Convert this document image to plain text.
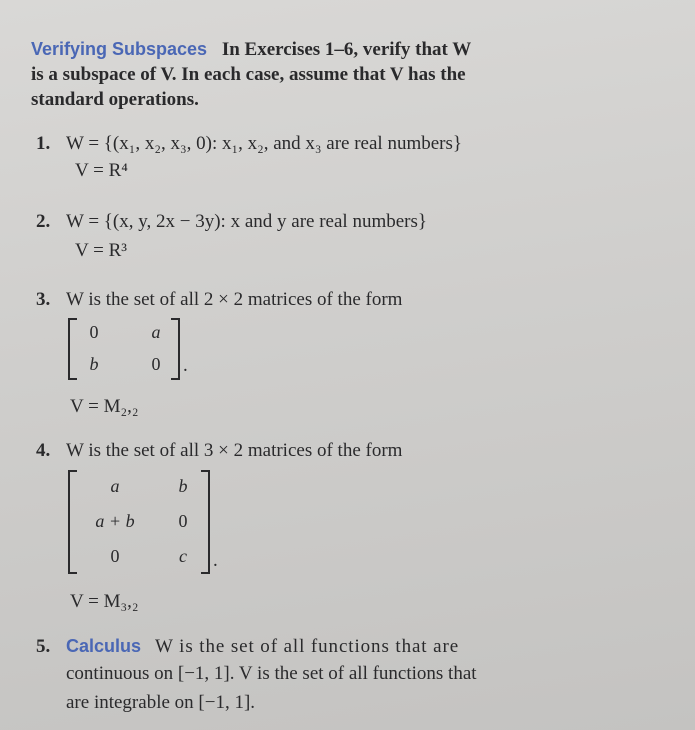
Verifying Subspaces In Exercises 1–6, verify that W
is a subspace of V. In each case, assume that V has the
standard operations.
1. W = {(x₁, x₂, x₃, 0): x₁, x₂, and x₃ are real numbers}
V = R⁴
2. W = {(x, y, 2x − 3y): x and y are real numbers}
V = R³
3. W is the set of all 2 × 2 matrices of the form
0	a
b	0	.
V = M₂,₂
4. W is the set of all 3 × 2 matrices of the form
a	b
a + b	0
0	c	.
V = M₃,₂
5. Calculus W is the set of all functions that are
continuous on [−1, 1]. V is the set of all functions that
are integrable on [−1, 1].
